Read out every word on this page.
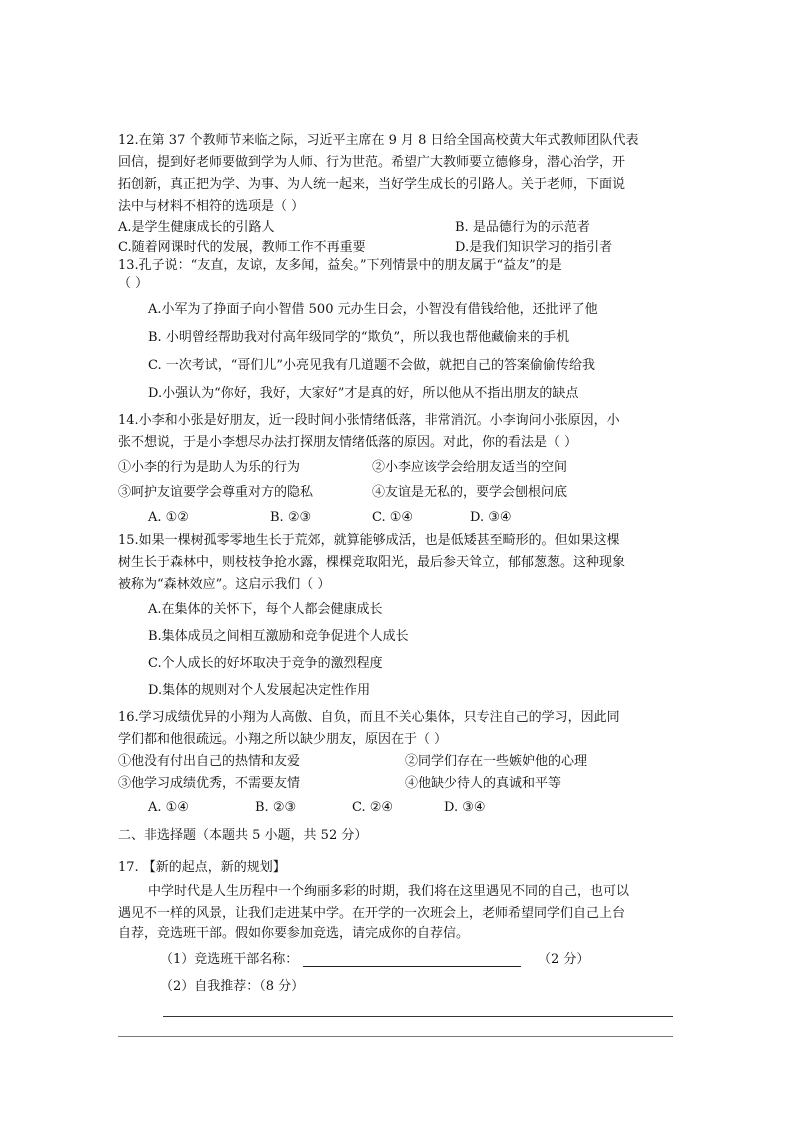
12.在第 37 个教师节来临之际，习近平主席在 9 月 8 日给全国高校黄大年式教师团队代表
回信，提到好老师要做到学为人师、行为世范。希望广大教师要立德修身，潜心治学，开
拓创新，真正把为学、为事、为人统一起来，当好学生成长的引路人。关于老师，下面说
法中与材料不相符的选项是（ ）
A.是学生健康成长的引路人	B. 是品德行为的示范者
C.随着网课时代的发展，教师工作不再重要	D.是我们知识学习的指引者
13.孔子说：“友直，友谅，友多闻，益矣。”下列情景中的朋友属于“益友”的是
（ ）
A.小军为了挣面子向小智借 500 元办生日会，小智没有借钱给他，还批评了他
B. 小明曾经帮助我对付高年级同学的“欺负”，所以我也帮他藏偷来的手机
C. 一次考试，“哥们儿”小亮见我有几道题不会做，就把自己的答案偷偷传给我
D.小强认为“你好，我好，大家好”才是真的好，所以他从不指出朋友的缺点
14.小李和小张是好朋友，近一段时间小张情绪低落，非常消沉。小李询问小张原因，小
张不想说，于是小李想尽办法打探朋友情绪低落的原因。对此，你的看法是（ ）
①小李的行为是助人为乐的行为	②小李应该学会给朋友适当的空间
③呵护友谊要学会尊重对方的隐私	④友谊是无私的，要学会刨根问底
A. ①②	B. ②③	C. ①④	D. ③④
15.如果一棵树孤零零地生长于荒郊，就算能够成活，也是低矮甚至畸形的。但如果这棵
树生长于森林中，则枝枝争抢水露，棵棵竞取阳光，最后参天耸立，郁郁葱葱。这种现象
被称为“森林效应”。这启示我们（ ）
A.在集体的关怀下，每个人都会健康成长
B.集体成员之间相互激励和竞争促进个人成长
C.个人成长的好坏取决于竞争的激烈程度
D.集体的规则对个人发展起决定性作用
16.学习成绩优异的小翔为人高傲、自负，而且不关心集体，只专注自己的学习，因此同
学们都和他很疏远。小翔之所以缺少朋友，原因在于（ ）
①他没有付出自己的热情和友爱	②同学们存在一些嫉妒他的心理
③他学习成绩优秀，不需要友情	④他缺少待人的真诚和平等
A. ①④	B. ②③	C. ②④	D. ③④
二、非选择题（本题共 5 小题，共 52 分）
17. 【新的起点，新的规划】
中学时代是人生历程中一个绚丽多彩的时期，我们将在这里遇见不同的自己，也可以
遇见不一样的风景，让我们走进某中学。在开学的一次班会上，老师希望同学们自己上台
自荐，竞选班干部。假如你要参加竞选，请完成你的自荐信。
（1）竞选班干部名称：	（2 分）
（2）自我推荐：（8 分）
